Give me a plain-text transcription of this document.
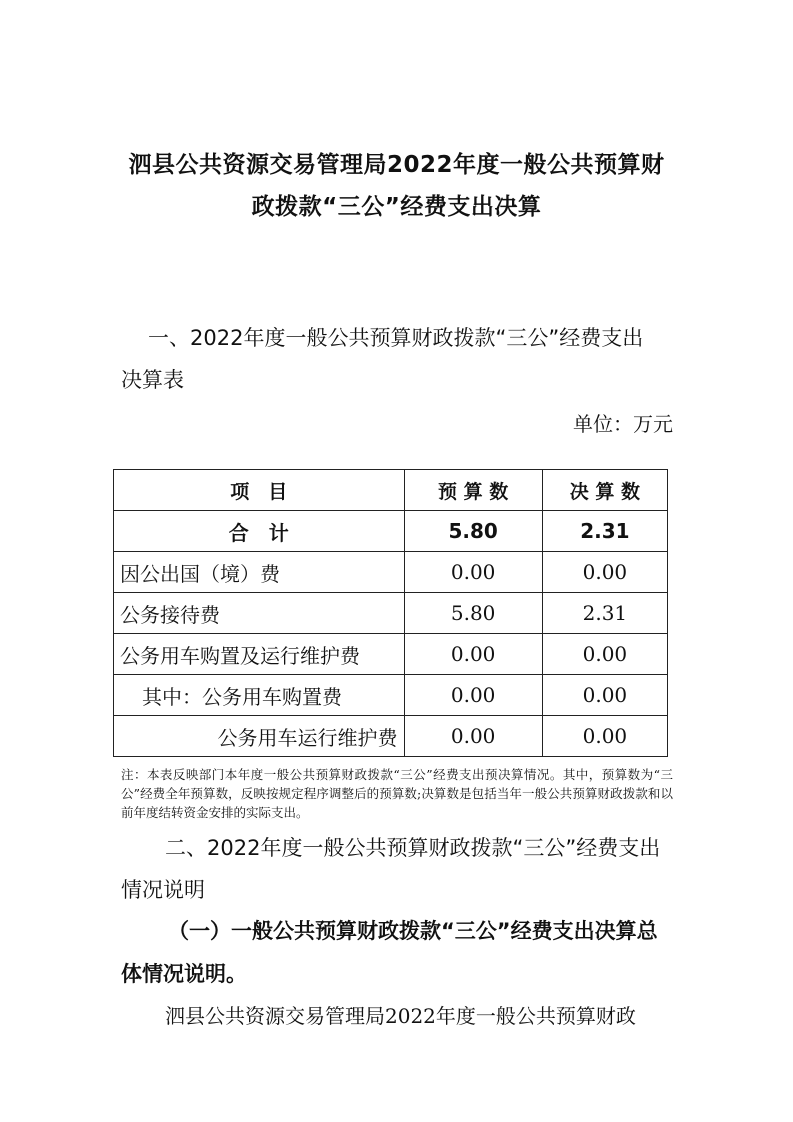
泗县公共资源交易管理局2022年度一般公共预算财
政拨款“三公”经费支出决算
一、2022年度一般公共预算财政拨款“三公”经费支出
决算表
单位：万元
项　目	预 算 数	决 算 数
合　计	5.80	2.31
因公出国（境）费	0.00	0.00
公务接待费	5.80	2.31
公务用车购置及运行维护费	0.00	0.00
其中：公务用车购置费	0.00	0.00
公务用车运行维护费	0.00	0.00
注：本表反映部门本年度一般公共预算财政拨款“三公”经费支出预决算情况。其中，预算数为“三公”经费全年预算数，反映按规定程序调整后的预算数;决算数是包括当年一般公共预算财政拨款和以前年度结转资金安排的实际支出。
二、2022年度一般公共预算财政拨款“三公”经费支出
情况说明
（一）一般公共预算财政拨款“三公”经费支出决算总
体情况说明。
泗县公共资源交易管理局2022年度一般公共预算财政
